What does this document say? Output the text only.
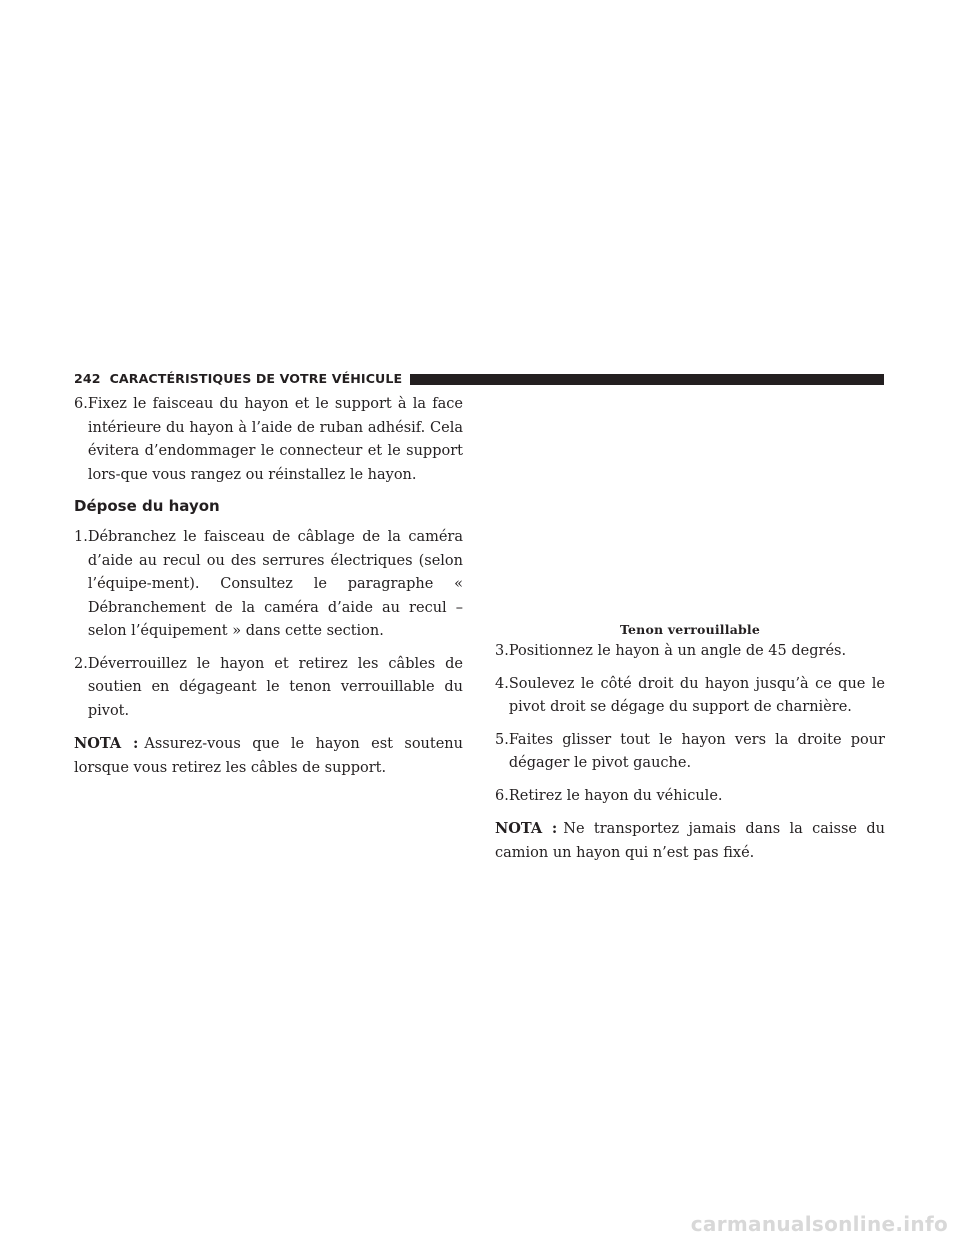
242 CARACTÉRISTIQUES DE VOTRE VÉHICULE
6. Fixez le faisceau du hayon et le support à la face intérieure du hayon à l’aide de ruban adhésif. Cela évitera d’endommager le connecteur et le support lors-que vous rangez ou réinstallez le hayon.
Dépose du hayon
1. Débranchez le faisceau de câblage de la caméra d’aide au recul ou des serrures électriques (selon l’équipe-ment). Consultez le paragraphe « Débranchement de la caméra d’aide au recul – selon l’équipement » dans cette section.
2. Déverrouillez le hayon et retirez les câbles de soutien en dégageant le tenon verrouillable du pivot.

NOTA : Assurez-vous que le hayon est soutenu lorsque vous retirez les câbles de support.

Tenon verrouillable
3. Positionnez le hayon à un angle de 45 degrés.
4. Soulevez le côté droit du hayon jusqu’à ce que le pivot droit se dégage du support de charnière.
5. Faites glisser tout le hayon vers la droite pour dégager le pivot gauche.
6. Retirez le hayon du véhicule.

NOTA : Ne transportez jamais dans la caisse du camion un hayon qui n’est pas fixé.

carmanualsonline.info
